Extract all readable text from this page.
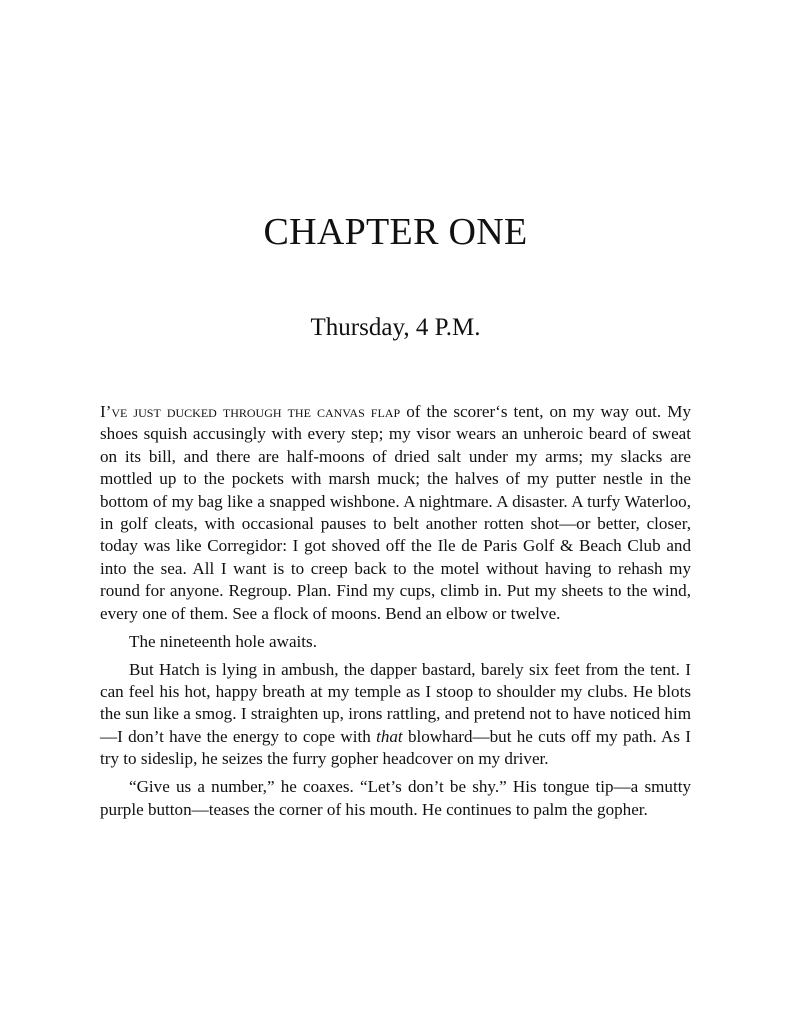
CHAPTER ONE
Thursday, 4 P.M.

I’ve just ducked through the canvas flap of the scorer‘s tent, on my way out. My shoes squish accusingly with every step; my visor wears an unheroic beard of sweat on its bill, and there are half-moons of dried salt under my arms; my slacks are mottled up to the pockets with marsh muck; the halves of my putter nestle in the bottom of my bag like a snapped wishbone. A nightmare. A disaster. A turfy Waterloo, in golf cleats, with occasional pauses to belt another rotten shot—or better, closer, today was like Corregidor: I got shoved off the Ile de Paris Golf & Beach Club and into the sea. All I want is to creep back to the motel without having to rehash my round for anyone. Regroup. Plan. Find my cups, climb in. Put my sheets to the wind, every one of them. See a flock of moons. Bend an elbow or twelve.

The nineteenth hole awaits.

But Hatch is lying in ambush, the dapper bastard, barely six feet from the tent. I can feel his hot, happy breath at my temple as I stoop to shoulder my clubs. He blots the sun like a smog. I straighten up, irons rattling, and pretend not to have noticed him—I don’t have the energy to cope with that blowhard—but he cuts off my path. As I try to sideslip, he seizes the furry gopher headcover on my driver.

“Give us a number,” he coaxes. “Let’s don’t be shy.” His tongue tip—a smutty purple button—teases the corner of his mouth. He continues to palm the gopher.
